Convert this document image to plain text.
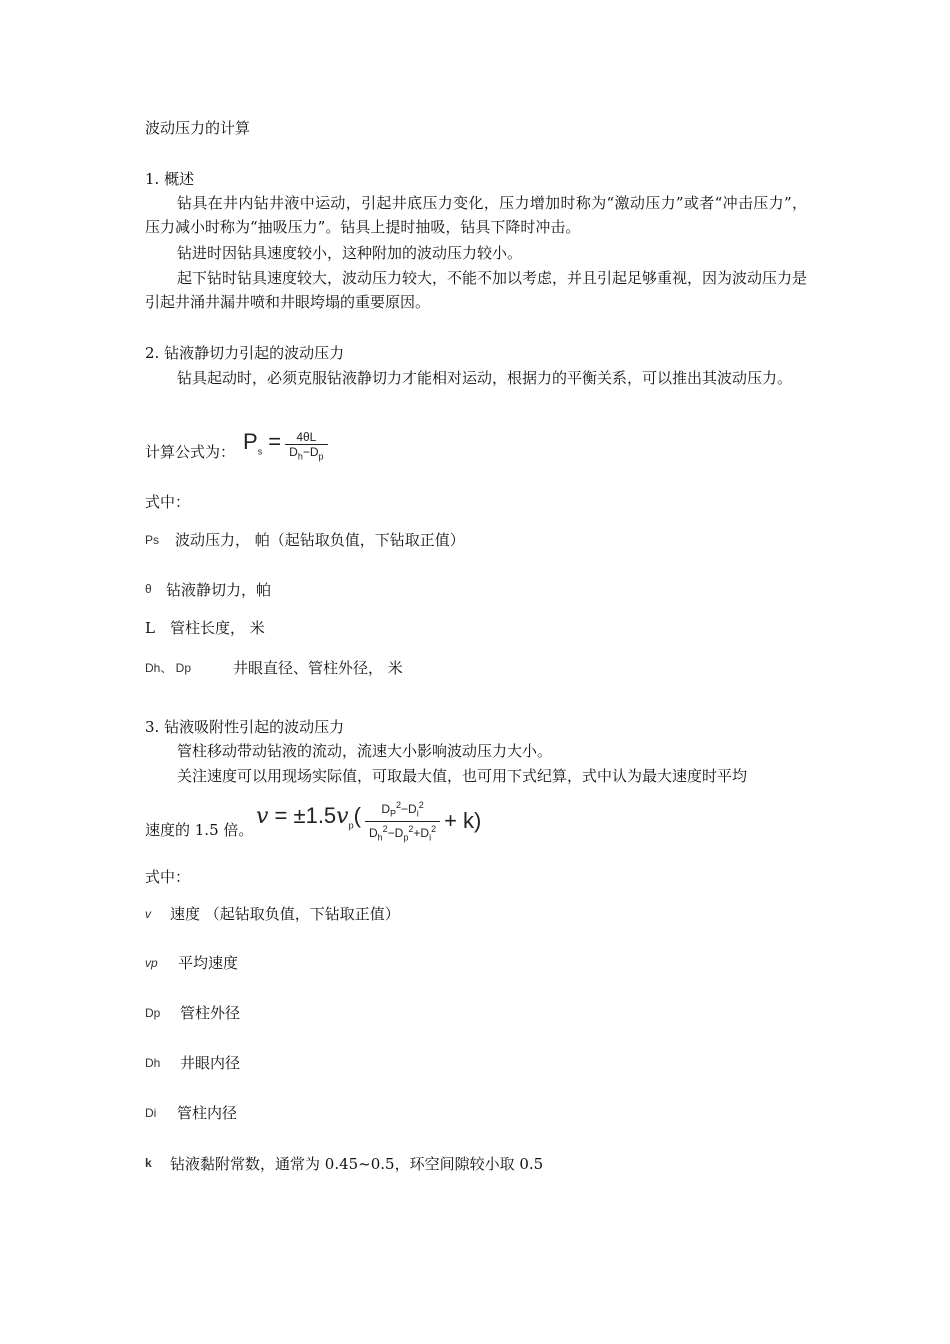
波动压力的计算
1. 概述
钻具在井内钻井液中运动，引起井底压力变化，压力增加时称为“激动压力”或者“冲击压力”，压力减小时称为“抽吸压力”。钻具上提时抽吸，钻具下降时冲击。
钻进时因钻具速度较小，这种附加的波动压力较小。
起下钻时钻具速度较大，波动压力较大，不能不加以考虑，并且引起足够重视，因为波动压力是引起井涌井漏井喷和井眼垮塌的重要原因。
2. 钻液静切力引起的波动压力
钻具起动时，必须克服钻液静切力才能相对运动，根据力的平衡关系，可以推出其波动压力。
计算公式为： $P_s = \frac{4\theta L}{D_h-D_p}$
式中：
Ps 波动压力， 帕（起钻取负值，下钻取正值）
θ 钻液静切力，帕
L 管柱长度， 米
Dh、 Dp	井眼直径、管柱外径， 米
3. 钻液吸附性引起的波动压力
管柱移动带动钻液的流动，流速大小影响波动压力大小。
关注速度可以用现场实际值，可取最大值，也可用下式纪算，式中认为最大速度时平均
速度的 1.5 倍。
$v = \pm 1.5v_p( \frac{D_P^2-D_i^2}{D_h^2-D_p^2+D_i^2} + k)$
式中：
v 速度 （起钻取负值，下钻取正值）
vp 平均速度
Dp 管柱外径
Dh 井眼内径
Di 管柱内径
k 钻液黏附常数，通常为 0.45~0.5，环空间隙较小取 0.5
